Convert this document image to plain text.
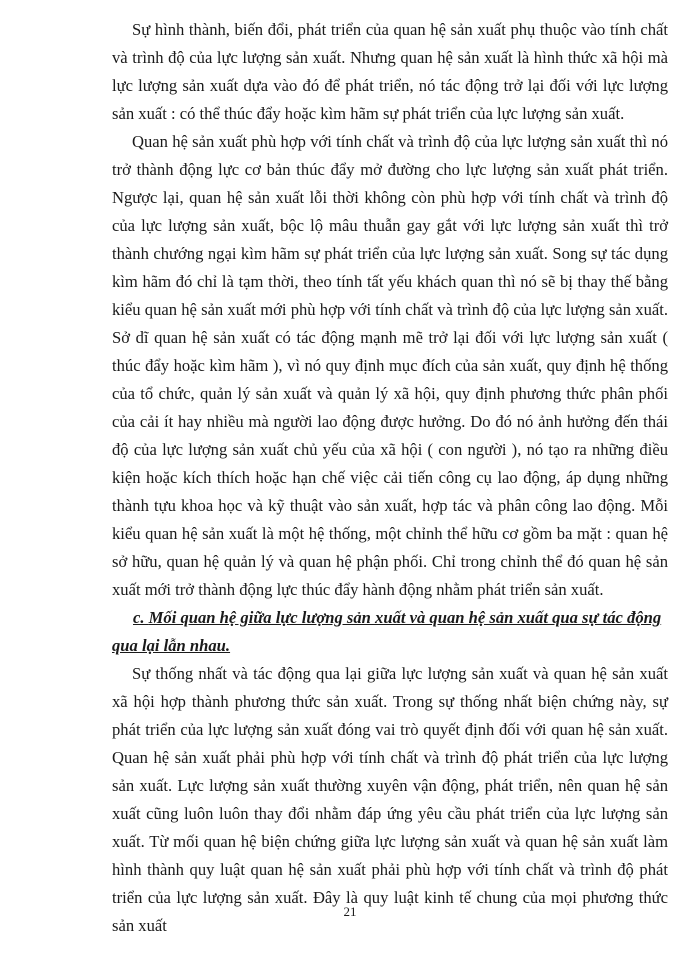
Sự hình thành, biến đổi, phát triển của quan hệ sản xuất phụ thuộc vào tính chất và trình độ của lực lượng sản xuất. Nhưng quan hệ sản xuất là hình thức xã hội mà lực lượng sản xuất dựa vào đó để phát triển, nó tác động trở lại đối với lực lượng sản xuất : có thể thúc đẩy hoặc kìm hãm sự phát triển của lực lượng sản xuất.

Quan hệ sản xuất phù hợp với tính chất và trình độ của lực lượng sản xuất thì nó trở thành động lực cơ bản thúc đẩy mở đường cho lực lượng sản xuất phát triển. Ngược lại, quan hệ sản xuất lỗi thời không còn phù hợp với tính chất và trình độ của lực lượng sản xuất, bộc lộ mâu thuẫn gay gắt với lực lượng sản xuất thì trở thành chướng ngại kìm hãm sự phát triển của lực lượng sản xuất. Song sự tác dụng kìm hãm đó chỉ là tạm thời, theo tính tất yếu khách quan thì nó sẽ bị thay thế bằng kiểu quan hệ sản xuất mới phù hợp với tính chất và trình độ của lực lượng sản xuất. Sở dĩ quan hệ sản xuất có tác động mạnh mẽ trở lại đối với lực lượng sản xuất ( thúc đẩy hoặc kìm hãm ), vì nó quy định mục đích của sản xuất, quy định hệ thống của tổ chức, quản lý sản xuất và quản lý xã hội, quy định phương thức phân phối của cải ít hay nhiều mà người lao động được hưởng. Do đó nó ảnh hưởng đến thái độ của lực lượng sản xuất chủ yếu của xã hội ( con người ), nó tạo ra những điều kiện hoặc kích thích hoặc hạn chế việc cải tiến công cụ lao động, áp dụng những thành tựu khoa học và kỹ thuật vào sản xuất, hợp tác và phân công lao động. Mỗi kiểu quan hệ sản xuất là một hệ thống, một chỉnh thể hữu cơ gồm ba mặt : quan hệ sở hữu, quan hệ quản lý và quan hệ phận phối. Chỉ trong chỉnh thể đó quan hệ sản xuất mới trở thành động lực thúc đẩy hành động nhằm phát triển sản xuất.

c. Mối quan hệ giữa lực lượng sản xuất và quan hệ sản xuất qua sự tác động qua lại lẫn nhau.

Sự thống nhất và tác động qua lại giữa lực lượng sản xuất và quan hệ sản xuất xã hội hợp thành phương thức sản xuất. Trong sự thống nhất biện chứng này, sự phát triển của lực lượng sản xuất đóng vai trò quyết định đối với quan hệ sản xuất. Quan hệ sản xuất phải phù hợp với tính chất và trình độ phát triển của lực lượng sản xuất. Lực lượng sản xuất thường xuyên vận động, phát triển, nên quan hệ sản xuất cũng luôn luôn thay đổi nhằm đáp ứng yêu cầu phát triển của lực lượng sản xuất. Từ mối quan hệ biện chứng giữa lực lượng sản xuất và quan hệ sản xuất làm hình thành quy luật quan hệ sản xuất phải phù hợp với tính chất và trình độ phát triển của lực lượng sản xuất. Đây là quy luật kinh tế chung của mọi phương thức sản xuất

21
